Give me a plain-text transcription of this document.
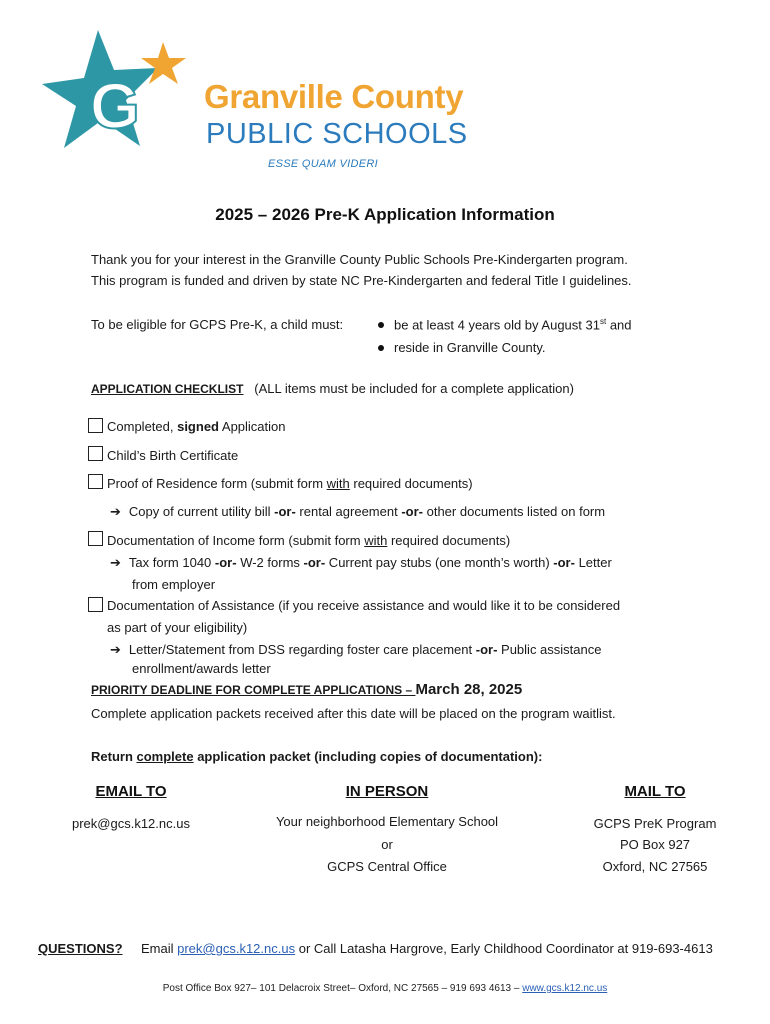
G Granville County
PUBLIC SCHOOLS
ESSE QUAM VIDERI
2025 – 2026 Pre-K Application Information
Thank you for your interest in the Granville County Public Schools Pre-Kindergarten program.
This program is funded and driven by state NC Pre-Kindergarten and federal Title I guidelines.
To be eligible for GCPS Pre-K, a child must:	be at least 4 years old by August 31st and
reside in Granville County.
APPLICATION CHECKLIST (ALL items must be included for a complete application)
Completed, signed Application
Child’s Birth Certificate
Proof of Residence form (submit form with required documents)
➔ Copy of current utility bill -or- rental agreement -or- other documents listed on form
Documentation of Income form (submit form with required documents)
➔ Tax form 1040 -or- W-2 forms -or- Current pay stubs (one month’s worth) -or- Letter
from employer
Documentation of Assistance (if you receive assistance and would like it to be considered
as part of your eligibility)
➔ Letter/Statement from DSS regarding foster care placement -or- Public assistance
enrollment/awards letter
PRIORITY DEADLINE FOR COMPLETE APPLICATIONS – March 28, 2025
Complete application packets received after this date will be placed on the program waitlist.
Return complete application packet (including copies of documentation):
EMAIL TO
prek@gcs.k12.nc.us
IN PERSON
Your neighborhood Elementary School
or
GCPS Central Office
MAIL TO
GCPS PreK Program
PO Box 927
Oxford, NC 27565
QUESTIONS? Email prek@gcs.k12.nc.us or Call Latasha Hargrove, Early Childhood Coordinator at 919-693-4613
Post Office Box 927– 101 Delacroix Street– Oxford, NC 27565 – 919 693 4613 – www.gcs.k12.nc.us
